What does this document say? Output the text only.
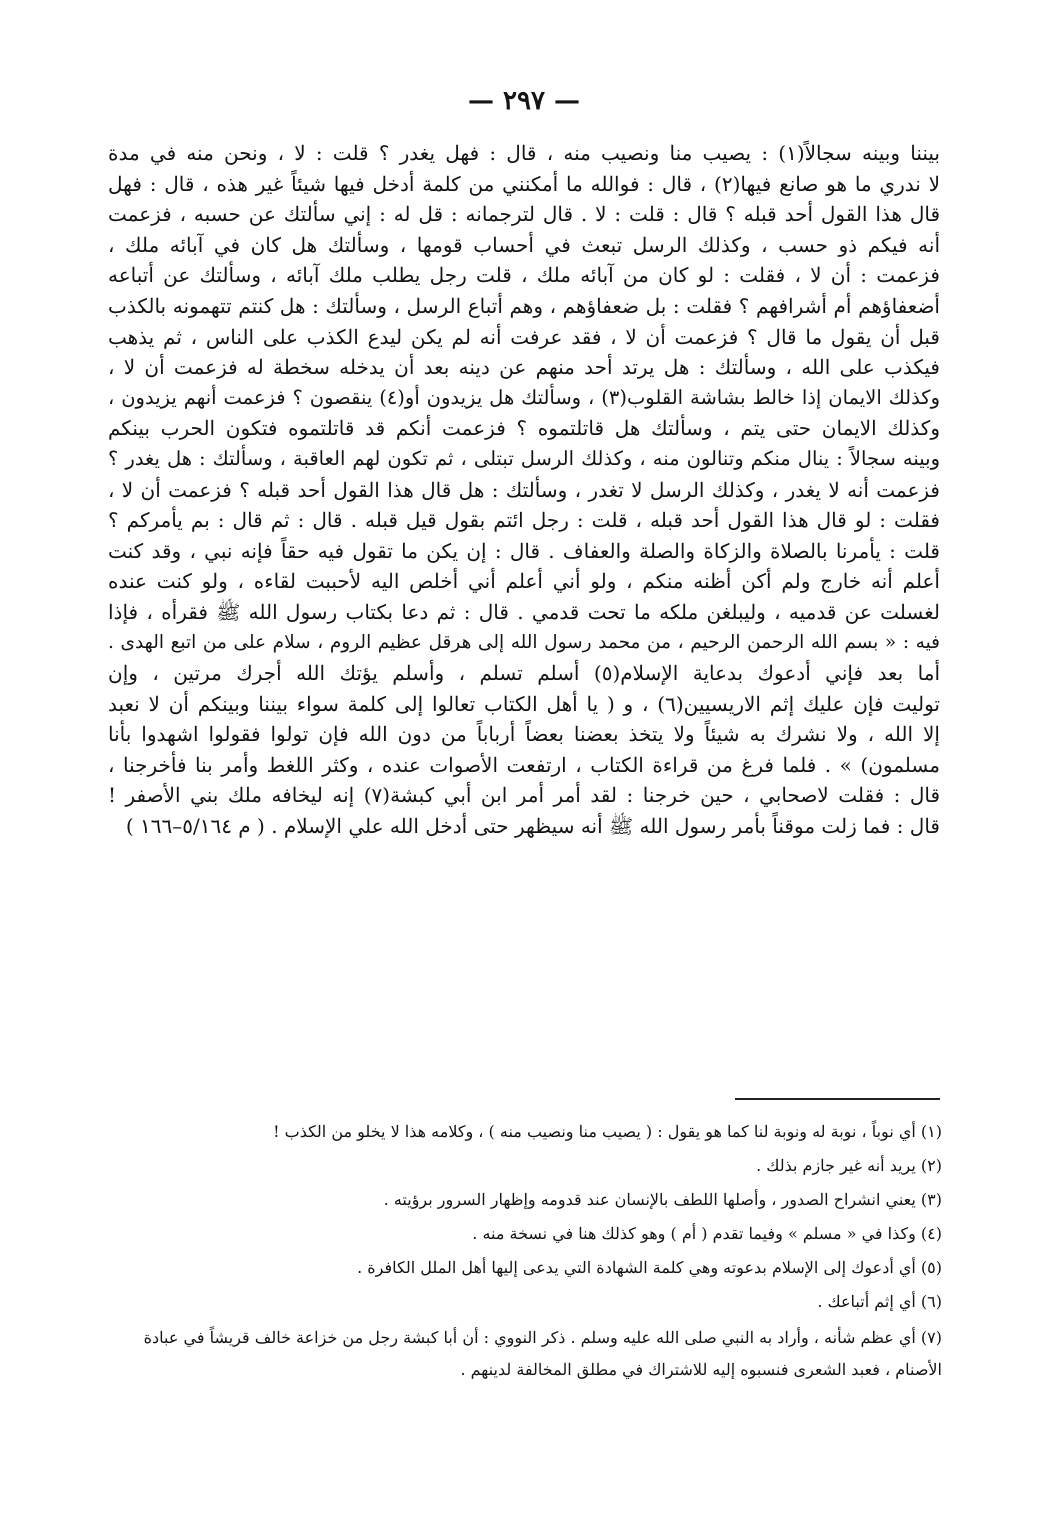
— ٢٩٧ —
بيننا وبينه سجالاً(١) : يصيب منا ونصيب منه ، قال : فهل يغدر ؟ قلت : لا ، ونحن منه في مدة
لا ندري ما هو صانع فيها(٢) ، قال : فوالله ما أمكنني من كلمة أدخل فيها شيئاً غير هذه ، قال : فهل
قال هذا القول أحد قبله ؟ قال : قلت : لا . قال لترجمانه : قل له : إني سألتك عن حسبه ، فزعمت
أنه فيكم ذو حسب ، وكذلك الرسل تبعث في أحساب قومها ، وسألتك هل كان في آبائه ملك ،
فزعمت : أن لا ، فقلت : لو كان من آبائه ملك ، قلت رجل يطلب ملك آبائه ، وسألتك عن أتباعه
أضعفاؤهم أم أشرافهم ؟ فقلت : بل ضعفاؤهم ، وهم أتباع الرسل ، وسألتك : هل كنتم تتهمونه بالكذب
قبل أن يقول ما قال ؟ فزعمت أن لا ، فقد عرفت أنه لم يكن ليدع الكذب على الناس ، ثم يذهب
فيكذب على الله ، وسألتك : هل يرتد أحد منهم عن دينه بعد أن يدخله سخطة له فزعمت أن لا ،
وكذلك الايمان إذا خالط بشاشة القلوب(٣) ، وسألتك هل يزيدون أو(٤) ينقصون ؟ فزعمت أنهم يزيدون ،
وكذلك الايمان حتى يتم ، وسألتك هل قاتلتموه ؟ فزعمت أنكم قد قاتلتموه فتكون الحرب بينكم
وبينه سجالاً : ينال منكم وتنالون منه ، وكذلك الرسل تبتلى ، ثم تكون لهم العاقبة ، وسألتك : هل يغدر ؟
فزعمت أنه لا يغدر ، وكذلك الرسل لا تغدر ، وسألتك : هل قال هذا القول أحد قبله ؟ فزعمت أن لا ،
فقلت : لو قال هذا القول أحد قبله ، قلت : رجل ائتم بقول قيل قبله . قال : ثم قال : بم يأمركم ؟
قلت : يأمرنا بالصلاة والزكاة والصلة والعفاف . قال : إن يكن ما تقول فيه حقاً فإنه نبي ، وقد كنت
أعلم أنه خارج ولم أكن أظنه منكم ، ولو أني أعلم أني أخلص اليه لأحببت لقاءه ، ولو كنت عنده
لغسلت عن قدميه ، وليبلغن ملكه ما تحت قدمي . قال : ثم دعا بكتاب رسول الله ﷺ فقرأه ، فإذا
فيه : « بسم الله الرحمن الرحيم ، من محمد رسول الله إلى هرقل عظيم الروم ، سلام على من اتبع الهدى .
أما بعد فإني أدعوك بدعاية الإسلام(٥) أسلم تسلم ، وأسلم يؤتك الله أجرك مرتين ، وإن
توليت فإن عليك إثم الاريسيين(٦) ، و ( يا أهل الكتاب تعالوا إلى كلمة سواء بيننا وبينكم أن لا نعبد
إلا الله ، ولا نشرك به شيئاً ولا يتخذ بعضنا بعضاً أرباباً من دون الله فإن تولوا فقولوا اشهدوا بأنا
مسلمون) » . فلما فرغ من قراءة الكتاب ، ارتفعت الأصوات عنده ، وكثر اللغط وأمر بنا فأخرجنا ،
قال : فقلت لاصحابي ، حين خرجنا : لقد أمر أمر ابن أبي كبشة(٧) إنه ليخافه ملك بني الأصفر !
قال : فما زلت موقناً بأمر رسول الله ﷺ أنه سيظهر حتى أدخل الله علي الإسلام . ( م ٥/١٦٤–١٦٦ )
(١) أي نوباً ، نوبة له ونوبة لنا كما هو يقول : ( يصيب منا ونصيب منه ) ، وكلامه هذا لا يخلو من الكذب !
(٢) يريد أنه غير جازم بذلك .
(٣) يعني انشراح الصدور ، وأصلها اللطف بالإنسان عند قدومه وإظهار السرور برؤيته .
(٤) وكذا في « مسلم » وفيما تقدم ( أم ) وهو كذلك هنا في نسخة منه .
(٥) أي أدعوك إلى الإسلام بدعوته وهي كلمة الشهادة التي يدعى إليها أهل الملل الكافرة .
(٦) أي إثم أتباعك .
(٧) أي عظم شأنه ، وأراد به النبي صلى الله عليه وسلم . ذكر النووي : أن أبا كبشة رجل من خزاعة خالف قريشاً في عبادة الأصنام ، فعبد الشعرى فنسبوه إليه للاشتراك في مطلق المخالفة لدينهم .
